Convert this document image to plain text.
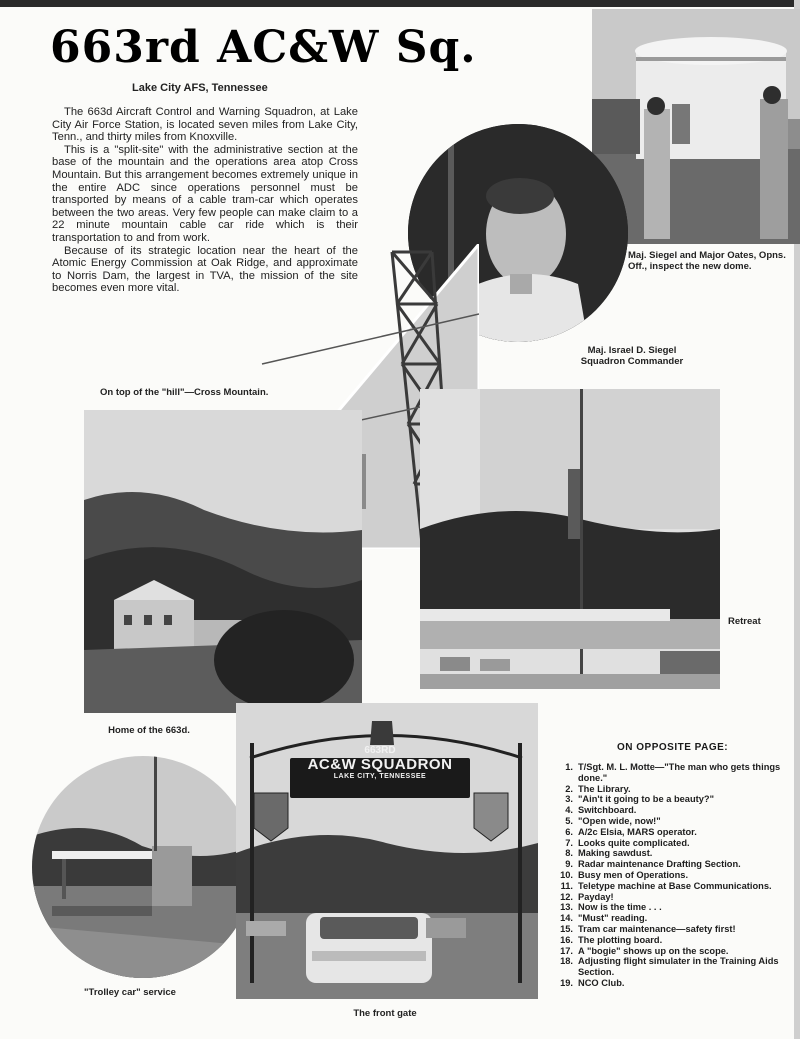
663rd AC&W Sq.
Lake City AFS, Tennessee

The 663d Aircraft Control and Warning Squadron, at Lake City Air Force Station, is located seven miles from Lake City, Tenn., and thirty miles from Knoxville.

This is a "split-site" with the administrative section at the base of the mountain and the operations area atop Cross Mountain. But this arrangement becomes extremely unique in the entire ADC since operations personnel must be transported by means of a cable tram-car which operates between the two areas. Very few people can make claim to a 22 minute mountain cable car ride which is their transportation to and from work.

Because of its strategic location near the heart of the Atomic Energy Commission at Oak Ridge, and approximate to Norris Dam, the largest in TVA, the mission of the site becomes even more vital.

Maj. Siegel and Major Oates, Opns. Off., inspect the new dome.
Maj. Israel D. Siegel
Squadron Commander
On top of the "hill"—Cross Mountain.
Home of the 663d.
Retreat
"Trolley car" service
663RD
AC&W SQUADRON
LAKE CITY, TENNESSEE
The front gate
ON OPPOSITE PAGE:
1. T/Sgt. M. L. Motte—"The man who gets things done."
2. The Library.
3. "Ain't it going to be a beauty?"
4. Switchboard.
5. "Open wide, now!"
6. A/2c Elsia, MARS operator.
7. Looks quite complicated.
8. Making sawdust.
9. Radar maintenance Drafting Section.
10. Busy men of Operations.
11. Teletype machine at Base Communications.
12. Payday!
13. Now is the time . . .
14. "Must" reading.
15. Tram car maintenance—safety first!
16. The plotting board.
17. A "bogie" shows up on the scope.
18. Adjusting flight simulater in the Training Aids Section.
19. NCO Club.
